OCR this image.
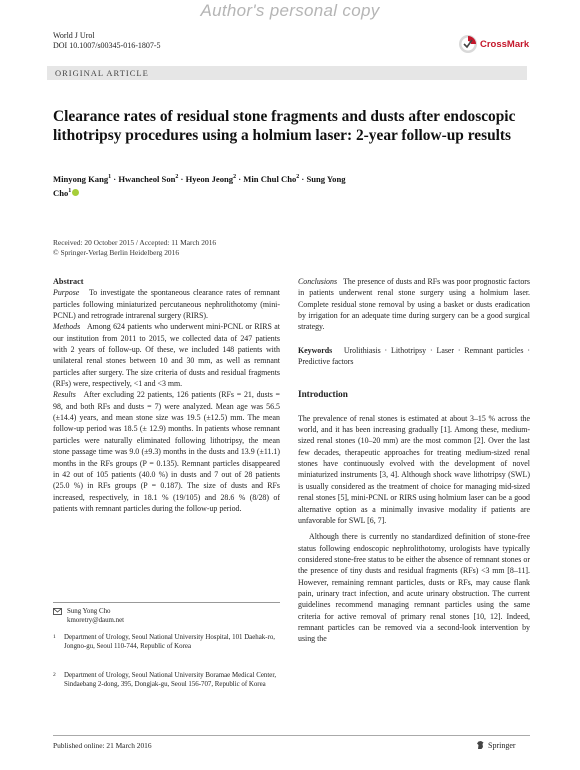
Author's personal copy
World J Urol
DOI 10.1007/s00345-016-1807-5	CrossMark
ORIGINAL ARTICLE
Clearance rates of residual stone fragments and dusts after endoscopic lithotripsy procedures using a holmium laser: 2-year follow-up results
Minyong Kang$^1$ · Hwancheol Son$^2$ · Hyeon Jeong$^2$ · Min Chul Cho$^2$ · Sung Yong Cho$^1$
Received: 20 October 2015 / Accepted: 11 March 2016
© Springer-Verlag Berlin Heidelberg 2016

Abstract

Purpose To investigate the spontaneous clearance rates of remnant particles following miniaturized percutaneous nephrolithotomy (mini-PCNL) and retrograde intrarenal surgery (RIRS).

Methods Among 624 patients who underwent mini-PCNL or RIRS at our institution from 2011 to 2015, we collected data of 247 patients with 2 years of follow-up. Of these, we included 148 patients with unilateral renal stones between 10 and 30 mm, as well as remnant particles after surgery. The size criteria of dusts and residual fragments (RFs) were, respectively, <1 and <3 mm.

Results After excluding 22 patients, 126 patients (RFs = 21, dusts = 98, and both RFs and dusts = 7) were analyzed. Mean age was 56.5 (±14.4) years, and mean stone size was 19.5 (±12.5) mm. The mean follow-up period was 18.5 (± 12.9) months. In patients whose remnant particles were naturally eliminated following lithotripsy, the mean stone passage time was 9.0 (±9.3) months in the dusts and 13.9 (±11.1) months in the RFs groups (P = 0.135). Remnant particles disappeared in 42 out of 105 patients (40.0 %) in dusts and 7 out of 28 patients (25.0 %) in RFs groups (P = 0.187). The size of dusts and RFs increased, respectively, in 18.1 % (19/105) and 28.6 % (8/28) of patients with remnant particles during the follow-up period.

Sung Yong Cho
kmoretry@daum.net
1 Department of Urology, Seoul National University Hospital, 101 Daehak-ro, Jongno-gu, Seoul 110-744, Republic of Korea
2 Department of Urology, Seoul National University Boramae Medical Center, Sindaebang 2-dong, 395, Dongjak-gu, Seoul 156-707, Republic of Korea

Conclusions The presence of dusts and RFs was poor prognostic factors in patients underwent renal stone surgery using a holmium laser. Complete residual stone removal by using a basket or dusts eradication by irrigation for an adequate time during surgery can be a good surgical strategy.

Keywords Urolithiasis · Lithotripsy · Laser · Remnant particles · Predictive factors

Introduction

The prevalence of renal stones is estimated at about 3–15 % across the world, and it has been increasing gradually [1]. Among these, medium-sized renal stones (10–20 mm) are the most common [2]. Over the last few decades, therapeutic approaches for treating medium-sized renal stones have continuously evolved with the development of novel miniaturized instruments [3, 4]. Although shock wave lithotripsy (SWL) is usually considered as the treatment of choice for managing mid-sized renal stones [5], mini-PCNL or RIRS using holmium laser can be a good alternative option as a minimally invasive modality if patients are unfavorable for SWL [6, 7].

Although there is currently no standardized definition of stone-free status following endoscopic nephrolithotomy, urologists have typically considered stone-free status to be either the absence of remnant stones or the presence of tiny dusts and residual fragments (RFs) <3 mm [8–11]. However, remaining remnant particles, dusts or RFs, may cause flank pain, urinary tract infection, and acute urinary obstruction. The current guidelines recommend managing remnant particles using the same criteria for active removal of primary renal stones [10, 12]. Indeed, remnant particles can be removed via a second-look intervention by using the

Published online: 21 March 2016	Springer
